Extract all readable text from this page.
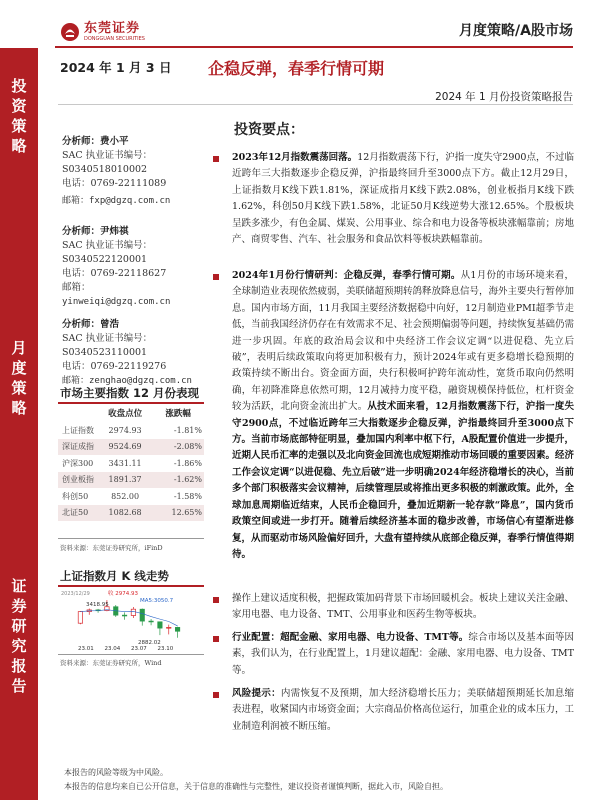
东莞证券
DONGGUAN SECURITIES	月度策略/A股市场
投
资
策
略
月
度
策
略
证
券
研
究
报
告
2024 年 1 月 3 日 企稳反弹，春季行情可期
2024 年 1 月份投资策略报告
分析师：费小平
SAC 执业证书编号：
S0340518010002
电话：0769-22111089
邮箱：fxp@dgzq.com.cn
分析师：尹炜祺
SAC 执业证书编号：
S0340522120001
电话：0769-22118627
邮箱：
yinweiqi@dgzq.com.cn
分析师：曾浩
SAC 执业证书编号：
S0340523110001
电话：0769-22119276
邮箱：zenghao@dgzq.com.cn
市场主要指数 12 月份表现
	收盘点位	涨跌幅
上证指数	2974.93	-1.81%
深证成指	9524.69	-2.08%
沪深300	3431.11	-1.86%
创业板指	1891.37	-1.62%
科创50	852.00	-1.58%
北证50	1082.68	12.65%
资料来源：东莞证券研究所，iFinD
上证指数月 K 线走势
2023/12/29	收 2974.93
MA5:3050.7
3418.95
2882.02
23.01 23.04 23.07 23.10
资料来源：东莞证券研究所，Wind
投资要点：
2023年12月指数震荡回落。12月指数震荡下行，沪指一度失守2900点，不过临近跨年三大指数逐步企稳反弹，沪指最终回升至3000点下方。截止12月29日，上证指数月K线下跌1.81%，深证成指月K线下跌2.08%，创业板指月K线下跌1.62%，科创50月K线下跌1.58%，北证50月K线逆势大涨12.65%。个股板块呈跌多涨少，有色金属、煤炭、公用事业、综合和电力设备等板块涨幅靠前；房地产、商贸零售、汽车、社会服务和食品饮料等板块跌幅靠前。
2024年1月份行情研判：企稳反弹，春季行情可期。从1月份的市场环境来看，全球制造业表现依然疲弱，美联储超预期转鸽释放降息信号，海外主要央行暂停加息。国内市场方面，11月我国主要经济数据稳中向好，12月制造业PMI超季节走低，当前我国经济仍存在有效需求不足、社会预期偏弱等问题，持续恢复基础仍需进一步巩固。年底的政治局会议和中央经济工作会议定调“以进促稳、先立后破”，表明后续政策取向将更加积极有力，预计2024年或有更多稳增长稳预期的政策持续不断出台。资金面方面，央行积极呵护跨年流动性，宽货币取向仍然明确，年初降准降息依然可期，12月减持力度平稳，融资规模保持低位，杠杆资金较为活跃，北向资金流出扩大。从技术面来看，12月指数震荡下行，沪指一度失守2900点，不过临近跨年三大指数逐步企稳反弹，沪指最终回升至3000点下方。当前市场底部特征明显，叠加国内利率中枢下行，A股配置价值进一步提升，近期人民币汇率的走强以及北向资金回流也成短期推动市场回暖的重要因素。经济工作会议定调“以进促稳、先立后破”进一步明确2024年经济稳增长的决心，当前多个部门积极落实会议精神，后续管理层或将推出更多积极的刺激政策。此外，全球加息周期临近结束，人民币企稳回升，叠加近期新一轮存款“降息”，国内货币政策空间或进一步打开。随着后续经济基本面的稳步改善，市场信心有望渐进修复，从而驱动市场风险偏好回升，大盘有望持续从底部企稳反弹，春季行情值得期待。
操作上建议适度积极，把握政策加码背景下市场回暖机会。板块上建议关注金融、家用电器、电力设备、TMT、公用事业和医药生物等板块。
行业配置：超配金融、家用电器、电力设备、TMT等。综合市场以及基本面等因素，我们认为，在行业配置上，1月建议超配：金融、家用电器、电力设备、TMT等。
风险提示：内需恢复不及预期，加大经济稳增长压力；美联储超预期延长加息缩表进程，收紧国内市场资金面；大宗商品价格高位运行，加重企业的成本压力，工业制造利润被不断压缩。
本报告的风险等级为中风险。
本报告的信息均来自已公开信息，关于信息的准确性与完整性，建议投资者谨慎判断，据此入市，风险自担。
